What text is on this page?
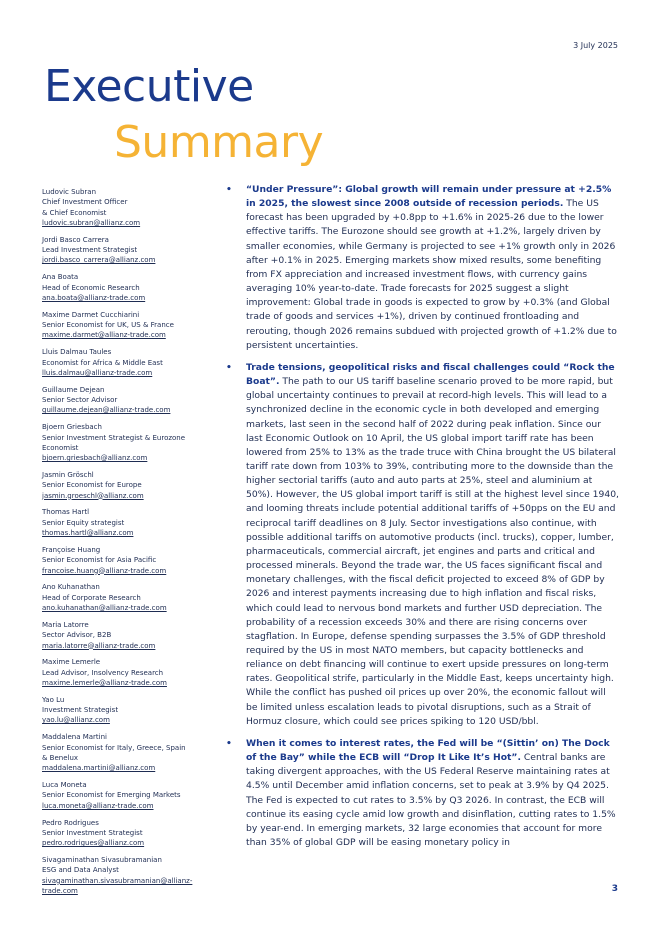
3 July 2025
Executive
Summary
Ludovic Subran
Chief Investment Officer
& Chief Economist
ludovic.subran@allianz.com
Jordi Basco Carrera
Lead Investment Strategist
jordi.basco_carrera@allianz.com
Ana Boata
Head of Economic Research
ana.boata@allianz-trade.com
Maxime Darmet Cucchiarini
Senior Economist for UK, US & France
maxime.darmet@allianz-trade.com
Lluis Dalmau Taules
Economist for Africa & Middle East
lluis.dalmau@allianz-trade.com
Guillaume Dejean
Senior Sector Advisor
guillaume.dejean@allianz-trade.com
Bjoern Griesbach
Senior Investment Strategist & Eurozone
Economist
bjoern.griesbach@allianz.com
Jasmin Gröschl
Senior Economist for Europe
jasmin.groeschl@allianz.com
Thomas Hartl
Senior Equity strategist
thomas.hartl@allianz.com
Françoise Huang
Senior Economist for Asia Pacific
francoise.huang@allianz-trade.com
Ano Kuhanathan
Head of Corporate Research
ano.kuhanathan@allianz-trade.com
Maria Latorre
Sector Advisor, B2B
maria.latorre@allianz-trade.com
Maxime Lemerle
Lead Advisor, Insolvency Research
maxime.lemerle@allianz-trade.com
Yao Lu
Investment Strategist
yao.lu@allianz.com
Maddalena Martini
Senior Economist for Italy, Greece, Spain
& Benelux
maddalena.martini@allianz.com
Luca Moneta
Senior Economist for Emerging Markets
luca.moneta@allianz-trade.com
Pedro Rodrigues
Senior Investment Strategist
pedro.rodrigues@allianz.com
Sivagaminathan Sivasubramanian
ESG and Data Analyst
sivagaminathan.sivasubramanian@allianz-trade.com
• “Under Pressure”: Global growth will remain under pressure at +2.5% in 2025, the slowest since 2008 outside of recession periods. The US forecast has been upgraded by +0.8pp to +1.6% in 2025-26 due to the lower effective tariffs. The Eurozone should see growth at +1.2%, largely driven by smaller economies, while Germany is projected to see +1% growth only in 2026 after +0.1% in 2025. Emerging markets show mixed results, some benefiting from FX appreciation and increased investment flows, with currency gains averaging 10% year-to-date. Trade forecasts for 2025 suggest a slight improvement: Global trade in goods is expected to grow by +0.3% (and Global trade of goods and services +1%), driven by continued frontloading and rerouting, though 2026 remains subdued with projected growth of +1.2% due to persistent uncertainties.
• Trade tensions, geopolitical risks and fiscal challenges could “Rock the Boat”. The path to our US tariff baseline scenario proved to be more rapid, but global uncertainty continues to prevail at record-high levels. This will lead to a synchronized decline in the economic cycle in both developed and emerging markets, last seen in the second half of 2022 during peak inflation. Since our last Economic Outlook on 10 April, the US global import tariff rate has been lowered from 25% to 13% as the trade truce with China brought the US bilateral tariff rate down from 103% to 39%, contributing more to the downside than the higher sectorial tariffs (auto and auto parts at 25%, steel and aluminium at 50%). However, the US global import tariff is still at the highest level since 1940, and looming threats include potential additional tariffs of +50pps on the EU and reciprocal tariff deadlines on 8 July. Sector investigations also continue, with possible additional tariffs on automotive products (incl. trucks), copper, lumber, pharmaceuticals, commercial aircraft, jet engines and parts and critical and processed minerals. Beyond the trade war, the US faces significant fiscal and monetary challenges, with the fiscal deficit projected to exceed 8% of GDP by 2026 and interest payments increasing due to high inflation and fiscal risks, which could lead to nervous bond markets and further USD depreciation. The probability of a recession exceeds 30% and there are rising concerns over stagflation. In Europe, defense spending surpasses the 3.5% of GDP threshold required by the US in most NATO members, but capacity bottlenecks and reliance on debt financing will continue to exert upside pressures on long-term rates. Geopolitical strife, particularly in the Middle East, keeps uncertainty high. While the conflict has pushed oil prices up over 20%, the economic fallout will be limited unless escalation leads to pivotal disruptions, such as a Strait of Hormuz closure, which could see prices spiking to 120 USD/bbl.
• When it comes to interest rates, the Fed will be “(Sittin’ on) The Dock of the Bay” while the ECB will “Drop It Like It’s Hot”. Central banks are taking divergent approaches, with the US Federal Reserve maintaining rates at 4.5% until December amid inflation concerns, set to peak at 3.9% by Q4 2025. The Fed is expected to cut rates to 3.5% by Q3 2026. In contrast, the ECB will continue its easing cycle amid low growth and disinflation, cutting rates to 1.5% by year-end. In emerging markets, 32 large economies that account for more than 35% of global GDP will be easing monetary policy in
3
